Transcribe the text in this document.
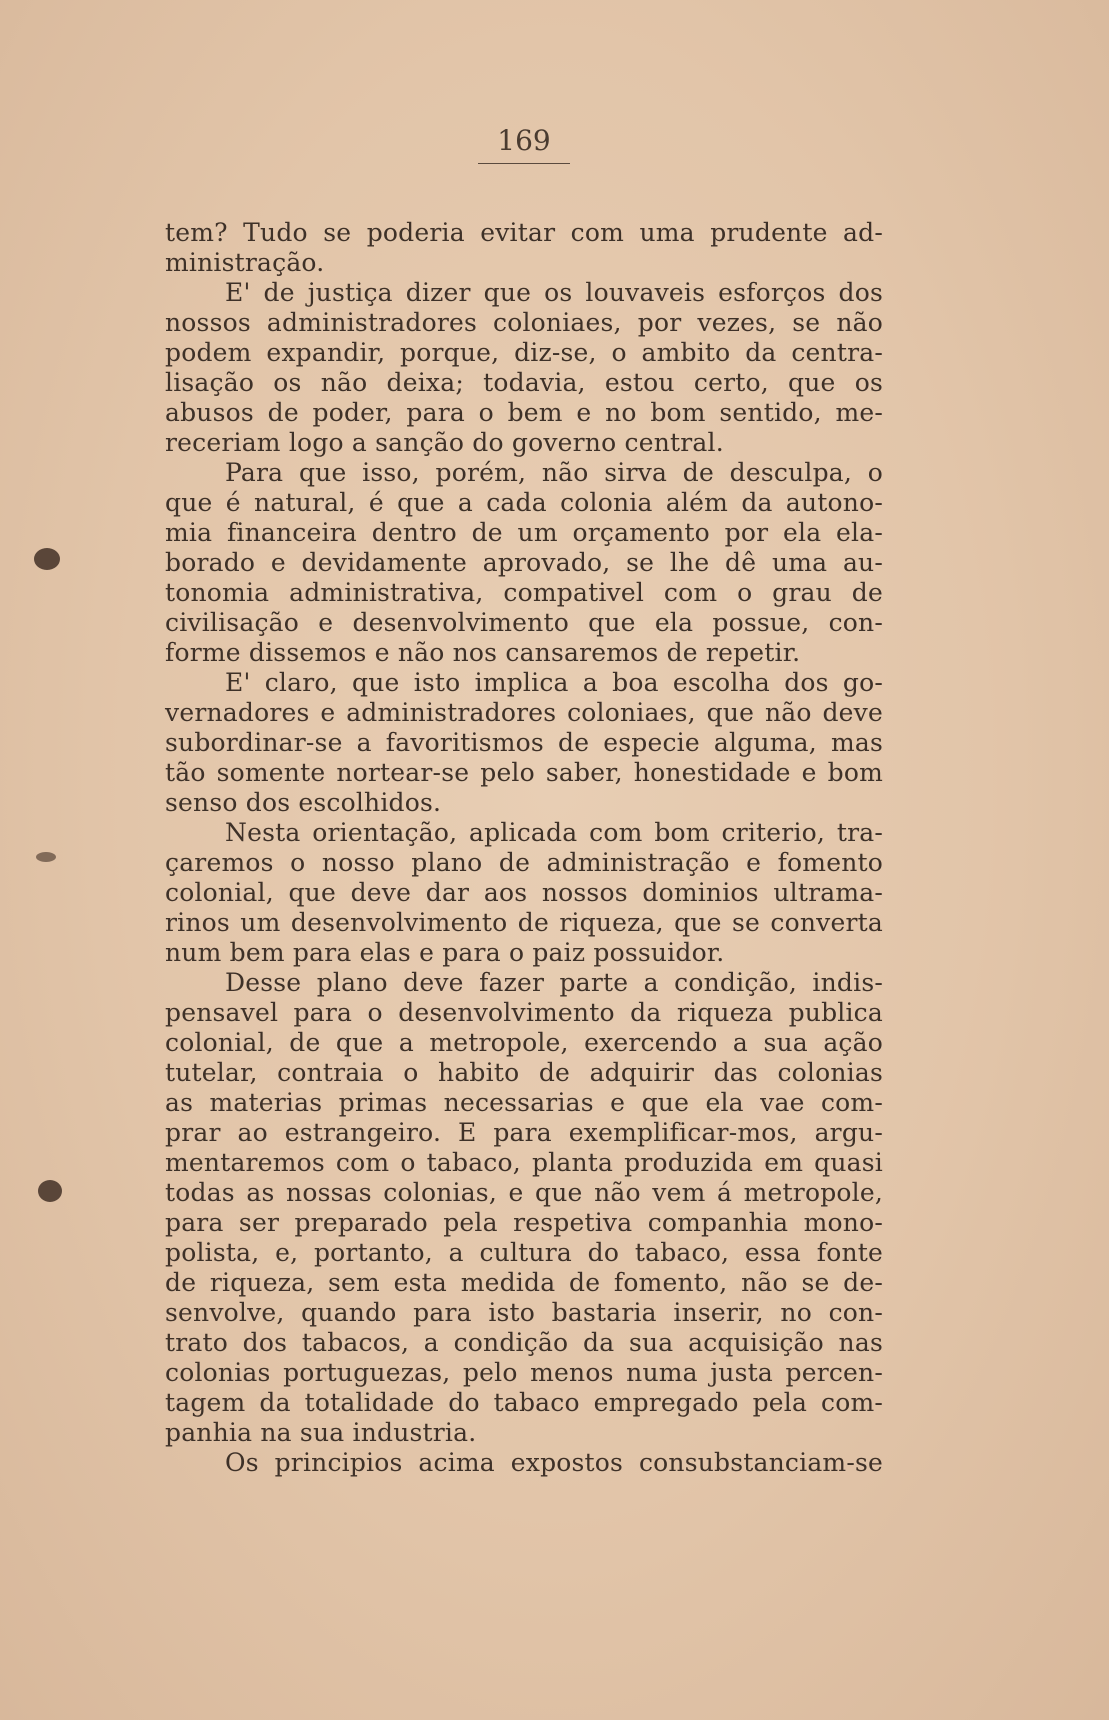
169
tem? Tudo se poderia evitar com uma prudente ad-
ministração.
E' de justiça dizer que os louvaveis esforços dos
nossos administradores coloniaes, por vezes, se não
podem expandir, porque, diz-se, o ambito da centra-
lisação os não deixa; todavia, estou certo, que os
abusos de poder, para o bem e no bom sentido, me-
receriam logo a sanção do governo central.
Para que isso, porém, não sirva de desculpa, o
que é natural, é que a cada colonia além da autono-
mia financeira dentro de um orçamento por ela ela-
borado e devidamente aprovado, se lhe dê uma au-
tonomia administrativa, compativel com o grau de
civilisação e desenvolvimento que ela possue, con-
forme dissemos e não nos cansaremos de repetir.
E' claro, que isto implica a boa escolha dos go-
vernadores e administradores coloniaes, que não deve
subordinar-se a favoritismos de especie alguma, mas
tão somente nortear-se pelo saber, honestidade e bom
senso dos escolhidos.
Nesta orientação, aplicada com bom criterio, tra-
çaremos o nosso plano de administração e fomento
colonial, que deve dar aos nossos dominios ultrama-
rinos um desenvolvimento de riqueza, que se converta
num bem para elas e para o paiz possuidor.
Desse plano deve fazer parte a condição, indis-
pensavel para o desenvolvimento da riqueza publica
colonial, de que a metropole, exercendo a sua ação
tutelar, contraia o habito de adquirir das colonias
as materias primas necessarias e que ela vae com-
prar ao estrangeiro. E para exemplificar-mos, argu-
mentaremos com o tabaco, planta produzida em quasi
todas as nossas colonias, e que não vem á metropole,
para ser preparado pela respetiva companhia mono-
polista, e, portanto, a cultura do tabaco, essa fonte
de riqueza, sem esta medida de fomento, não se de-
senvolve, quando para isto bastaria inserir, no con-
trato dos tabacos, a condição da sua acquisição nas
colonias portuguezas, pelo menos numa justa percen-
tagem da totalidade do tabaco empregado pela com-
panhia na sua industria.
Os principios acima expostos consubstanciam-se
